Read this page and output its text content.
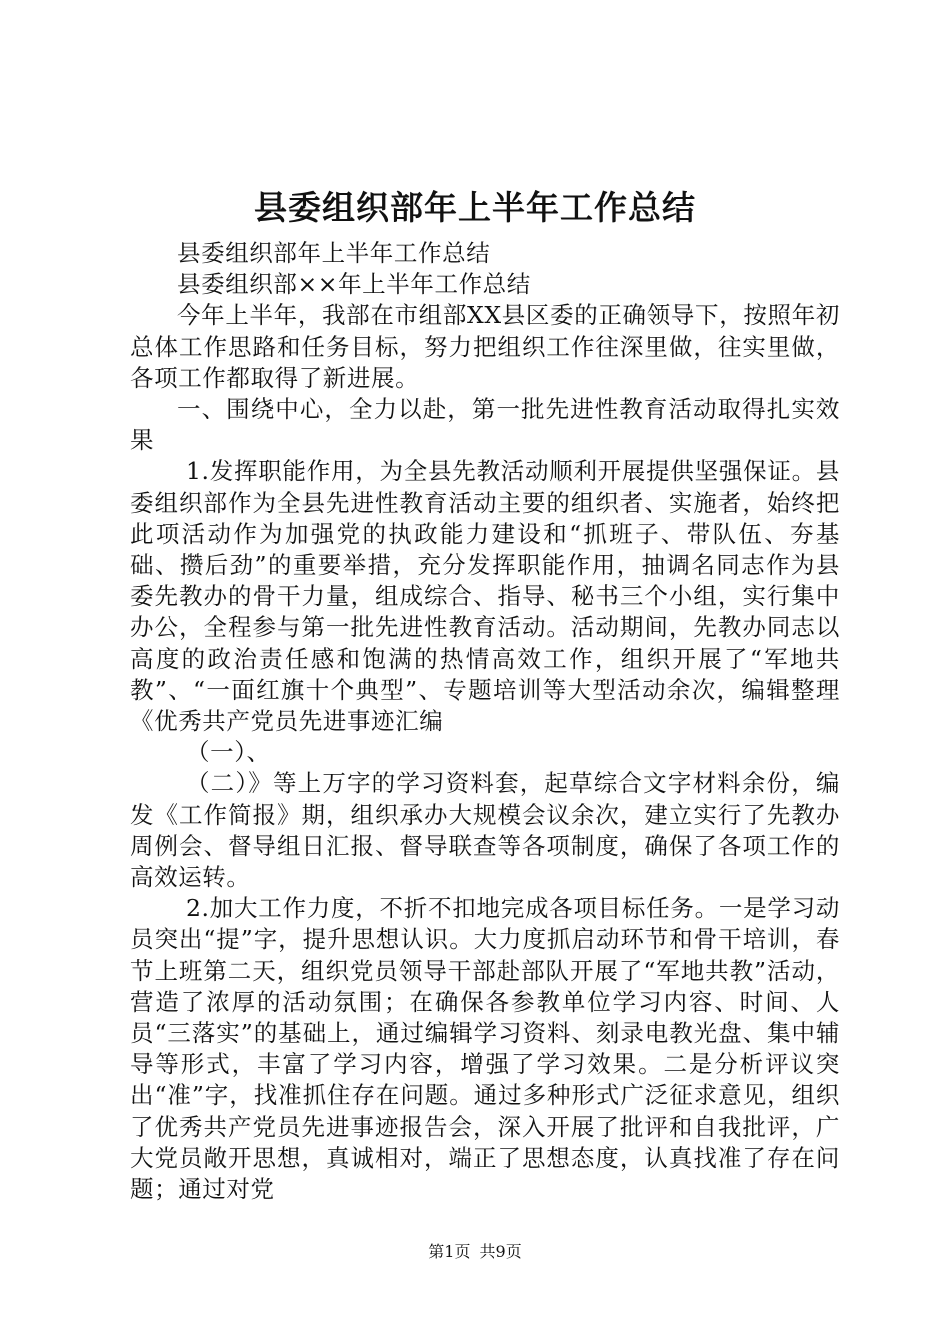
县委组织部年上半年工作总结

县委组织部年上半年工作总结

县委组织部××年上半年工作总结

今年上半年，我部在市组部XX县区委的正确领导下，按照年初总体工作思路和任务目标，努力把组织工作往深里做，往实里做，各项工作都取得了新进展。

一、围绕中心，全力以赴，第一批先进性教育活动取得扎实效果

1.发挥职能作用，为全县先教活动顺利开展提供坚强保证。县委组织部作为全县先进性教育活动主要的组织者、实施者，始终把此项活动作为加强党的执政能力建设和“抓班子、带队伍、夯基础、攒后劲”的重要举措，充分发挥职能作用，抽调名同志作为县委先教办的骨干力量，组成综合、指导、秘书三个小组，实行集中办公，全程参与第一批先进性教育活动。活动期间，先教办同志以高度的政治责任感和饱满的热情高效工作，组织开展了“军地共教”、“一面红旗十个典型”、专题培训等大型活动余次，编辑整理《优秀共产党员先进事迹汇编

（一）、

（二）》等上万字的学习资料套，起草综合文字材料余份，编发《工作简报》期，组织承办大规模会议余次，建立实行了先教办周例会、督导组日汇报、督导联查等各项制度，确保了各项工作的高效运转。

2.加大工作力度，不折不扣地完成各项目标任务。一是学习动员突出“提”字，提升思想认识。大力度抓启动环节和骨干培训，春节上班第二天，组织党员领导干部赴部队开展了“军地共教”活动，营造了浓厚的活动氛围；在确保各参教单位学习内容、时间、人员“三落实”的基础上，通过编辑学习资料、刻录电教光盘、集中辅导等形式，丰富了学习内容，增强了学习效果。二是分析评议突出“准”字，找准抓住存在问题。通过多种形式广泛征求意见，组织了优秀共产党员先进事迹报告会，深入开展了批评和自我批评，广大党员敞开思想，真诚相对，端正了思想态度，认真找准了存在问题；通过对党

第1页 共9页
